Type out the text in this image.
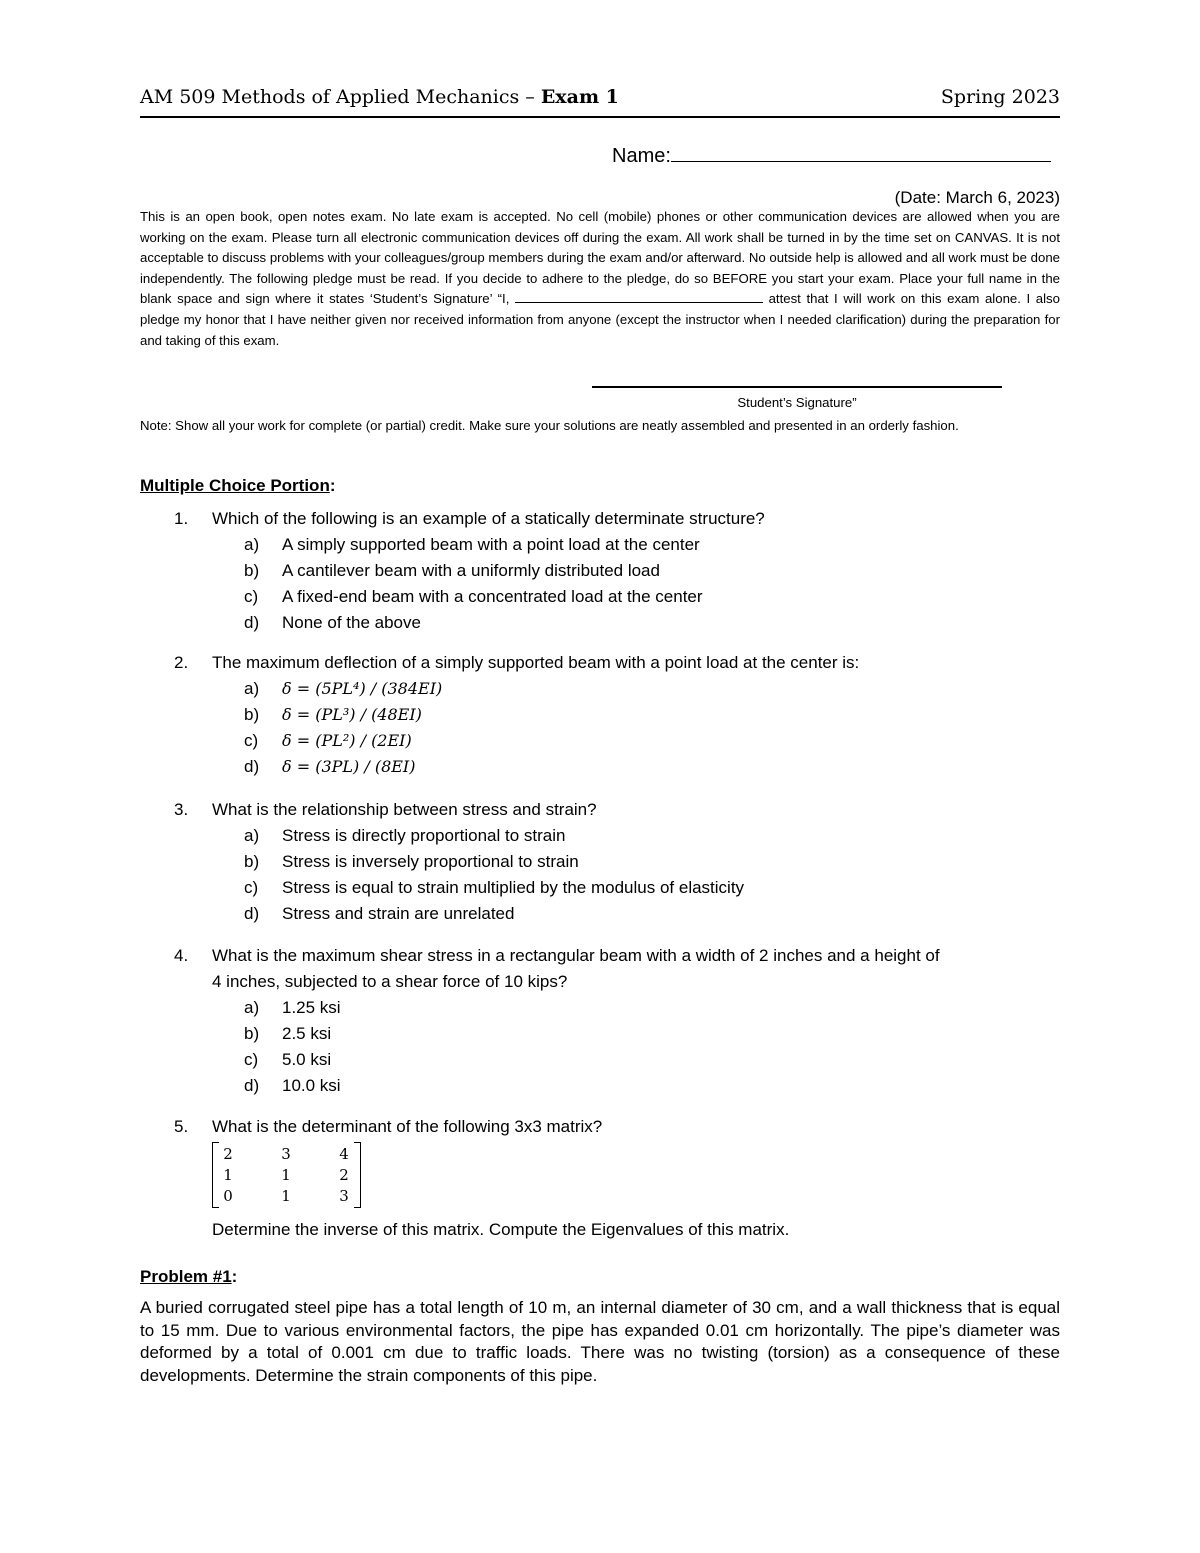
AM 509 Methods of Applied Mechanics – Exam 1	Spring 2023
Name:
(Date: March 6, 2023)

This is an open book, open notes exam. No late exam is accepted. No cell (mobile) phones or other communication devices are allowed when you are working on the exam. Please turn all electronic communication devices off during the exam. All work shall be turned in by the time set on CANVAS. It is not acceptable to discuss problems with your colleagues/group members during the exam and/or afterward. No outside help is allowed and all work must be done independently. The following pledge must be read. If you decide to adhere to the pledge, do so BEFORE you start your exam. Place your full name in the blank space and sign where it states ‘Student’s Signature’ “I,	attest that I will work on this exam alone. I also pledge my honor that I have neither given nor received information from anyone (except the instructor when I needed clarification) during the preparation for and taking of this exam.

Student’s Signature”

Note: Show all your work for complete (or partial) credit. Make sure your solutions are neatly assembled and presented in an orderly fashion.

Multiple Choice Portion:
1. Which of the following is an example of a statically determinate structure?
a) A simply supported beam with a point load at the center
b) A cantilever beam with a uniformly distributed load
c) A fixed-end beam with a concentrated load at the center
d) None of the above
2. The maximum deflection of a simply supported beam with a point load at the center is:
a) δ = (5PL⁴) / (384EI)
b) δ = (PL³) / (48EI)
c) δ = (PL²) / (2EI)
d) δ = (3PL) / (8EI)
3. What is the relationship between stress and strain?
a) Stress is directly proportional to strain
b) Stress is inversely proportional to strain
c) Stress is equal to strain multiplied by the modulus of elasticity
d) Stress and strain are unrelated
4. What is the maximum shear stress in a rectangular beam with a width of 2 inches and a height of
4 inches, subjected to a shear force of 10 kips?
a) 1.25 ksi
b) 2.5 ksi
c) 5.0 ksi
d) 10.0 ksi
5. What is the determinant of the following 3x3 matrix?
2	3	4
1	1	2
0	1	3
Determine the inverse of this matrix. Compute the Eigenvalues of this matrix.
Problem #1:

A buried corrugated steel pipe has a total length of 10 m, an internal diameter of 30 cm, and a wall thickness that is equal to 15 mm. Due to various environmental factors, the pipe has expanded 0.01 cm horizontally. The pipe’s diameter was deformed by a total of 0.001 cm due to traffic loads. There was no twisting (torsion) as a consequence of these developments. Determine the strain components of this pipe.
